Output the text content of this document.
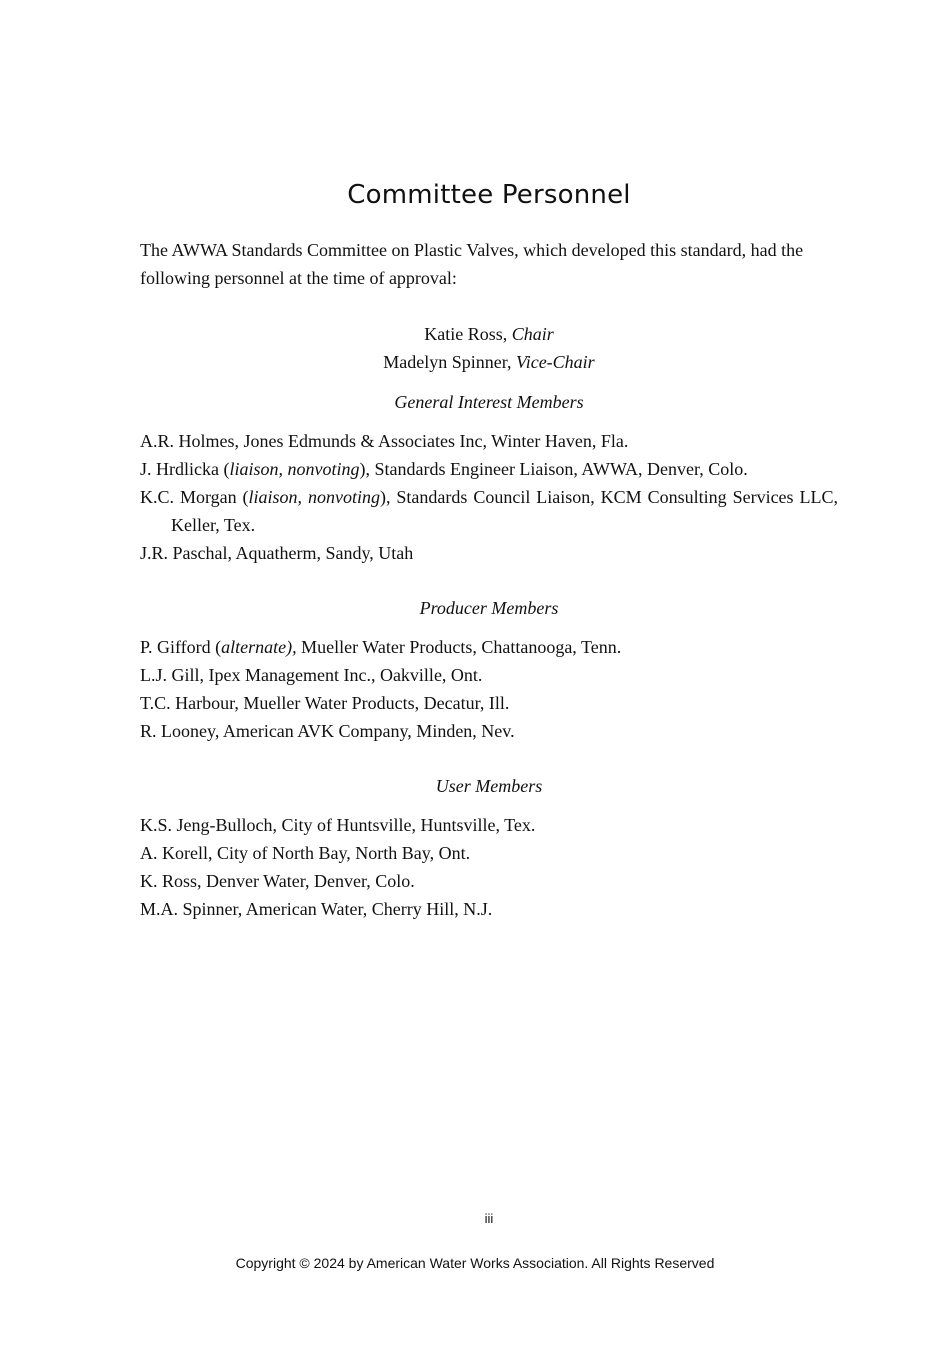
Committee Personnel

The AWWA Standards Committee on Plastic Valves, which developed this standard, had the following personnel at the time of approval:

Katie Ross, Chair
Madelyn Spinner, Vice-Chair

General Interest Members

A.R. Holmes, Jones Edmunds & Associates Inc, Winter Haven, Fla.
J. Hrdlicka (liaison, nonvoting), Standards Engineer Liaison, AWWA, Denver, Colo.
K.C. Morgan (liaison, nonvoting), Standards Council Liaison, KCM Consulting Services LLC, Keller, Tex.
J.R. Paschal, Aquatherm, Sandy, Utah

Producer Members

P. Gifford (alternate), Mueller Water Products, Chattanooga, Tenn.
L.J. Gill, Ipex Management Inc., Oakville, Ont.
T.C. Harbour, Mueller Water Products, Decatur, Ill.
R. Looney, American AVK Company, Minden, Nev.

User Members

K.S. Jeng-Bulloch, City of Huntsville, Huntsville, Tex.
A. Korell, City of North Bay, North Bay, Ont.
K. Ross, Denver Water, Denver, Colo.
M.A. Spinner, American Water, Cherry Hill, N.J.
iii
Copyright © 2024 by American Water Works Association. All Rights Reserved
